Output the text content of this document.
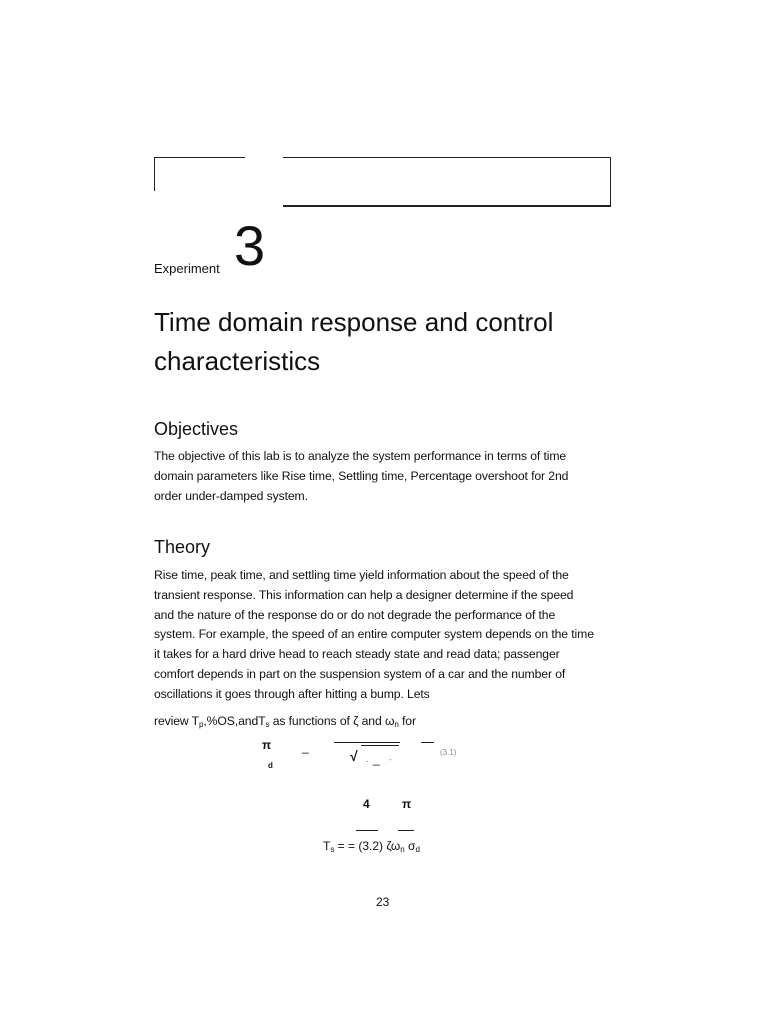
Experiment 3
Time domain response and control characteristics
Objectives

The objective of this lab is to analyze the system performance in terms of time domain parameters like Rise time, Settling time, Percentage overshoot for 2nd order under-damped system.

Theory

Rise time, peak time, and settling time yield information about the speed of the transient response. This information can help a designer determine if the speed and the nature of the response do or do not degrade the performance of the system. For example, the speed of an entire computer system depends on the time it takes for a hard drive head to reach steady state and read data; passenger comfort depends in part on the suspension system of a car and the number of oscillations it goes through after hitting a bump. Lets

review $T_p,\%OS,andT_s$ as functions of ζ and $\omega_n$ for

π
d
_
√ . _ -
(3.1)
4	π
$T_s$ = = (3.2) $\zeta\omega_n$ $\sigma_d$
23
